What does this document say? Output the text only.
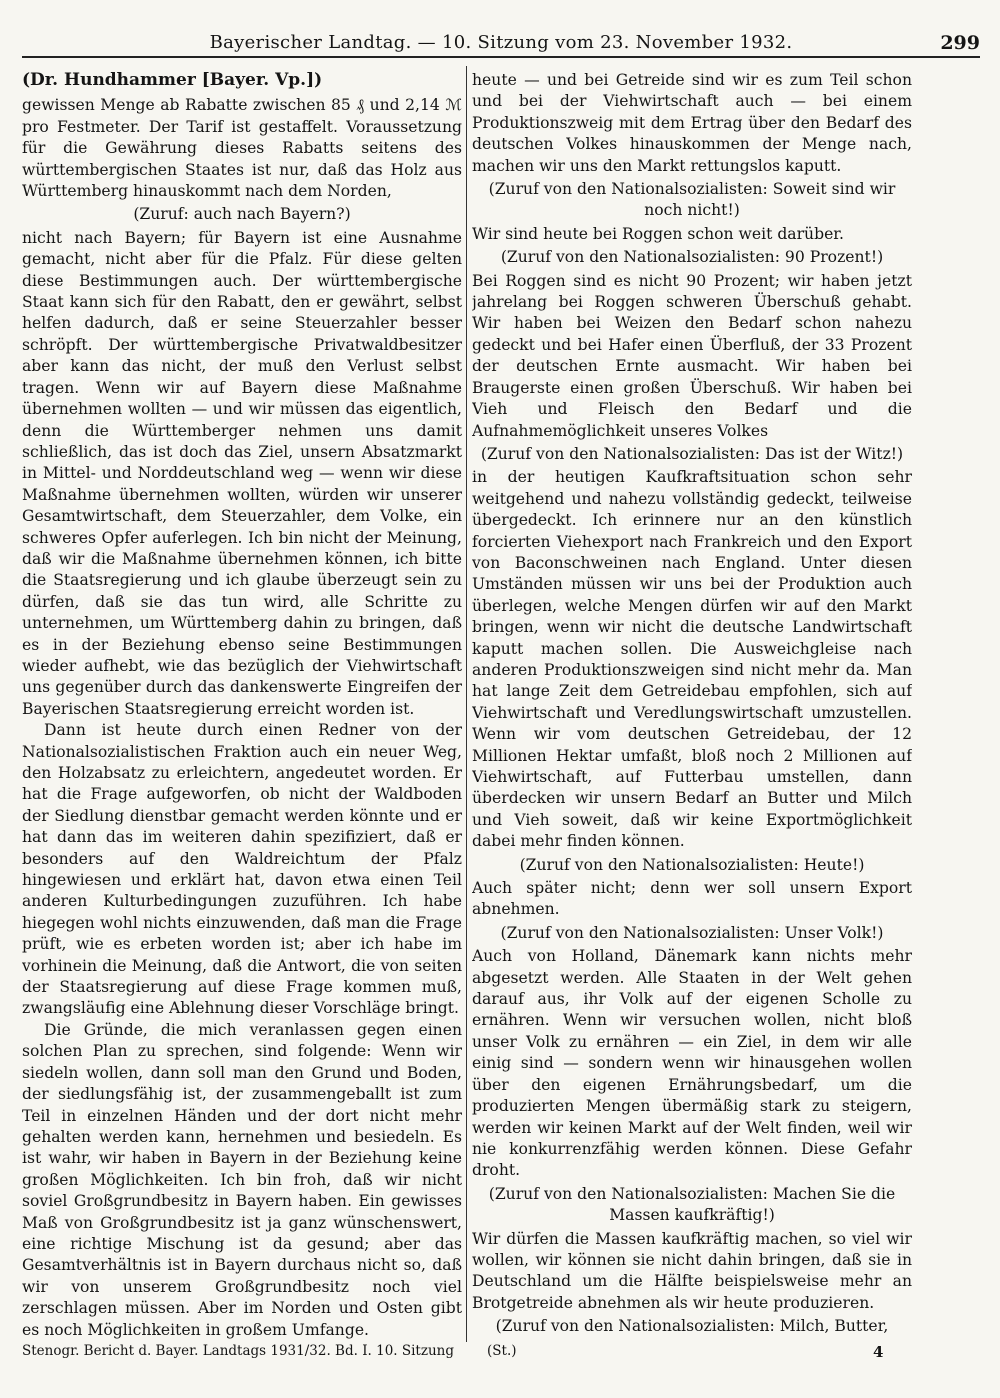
Bayerischer Landtag. — 10. Sitzung vom 23. November 1932.	299

(Dr. Hundhammer [Bayer. Vp.])

gewissen Menge ab Rabatte zwischen 85 ₰ und 2,14 ℳ pro Festmeter. Der Tarif ist gestaffelt. Voraussetzung für die Gewährung dieses Rabatts seitens des württembergischen Staates ist nur, daß das Holz aus Württemberg hinauskommt nach dem Norden,

(Zuruf: auch nach Bayern?)

nicht nach Bayern; für Bayern ist eine Ausnahme gemacht, nicht aber für die Pfalz. Für diese gelten diese Bestimmungen auch. Der württembergische Staat kann sich für den Rabatt, den er gewährt, selbst helfen dadurch, daß er seine Steuerzahler besser schröpft. Der württembergische Privatwaldbesitzer aber kann das nicht, der muß den Verlust selbst tragen. Wenn wir auf Bayern diese Maßnahme übernehmen wollten — und wir müssen das eigentlich, denn die Württemberger nehmen uns damit schließlich, das ist doch das Ziel, unsern Absatzmarkt in Mittel- und Norddeutschland weg — wenn wir diese Maßnahme übernehmen wollten, würden wir unserer Gesamtwirtschaft, dem Steuerzahler, dem Volke, ein schweres Opfer auferlegen. Ich bin nicht der Meinung, daß wir die Maßnahme übernehmen können, ich bitte die Staatsregierung und ich glaube überzeugt sein zu dürfen, daß sie das tun wird, alle Schritte zu unternehmen, um Württemberg dahin zu bringen, daß es in der Beziehung ebenso seine Bestimmungen wieder aufhebt, wie das bezüglich der Viehwirtschaft uns gegenüber durch das dankenswerte Eingreifen der Bayerischen Staatsregierung erreicht worden ist.

Dann ist heute durch einen Redner von der Nationalsozialistischen Fraktion auch ein neuer Weg, den Holzabsatz zu erleichtern, angedeutet worden. Er hat die Frage aufgeworfen, ob nicht der Waldboden der Siedlung dienstbar gemacht werden könnte und er hat dann das im weiteren dahin spezifiziert, daß er besonders auf den Waldreichtum der Pfalz hingewiesen und erklärt hat, davon etwa einen Teil anderen Kulturbedingungen zuzuführen. Ich habe hiegegen wohl nichts einzuwenden, daß man die Frage prüft, wie es erbeten worden ist; aber ich habe im vorhinein die Meinung, daß die Antwort, die von seiten der Staatsregierung auf diese Frage kommen muß, zwangsläufig eine Ablehnung dieser Vorschläge bringt.

Die Gründe, die mich veranlassen gegen einen solchen Plan zu sprechen, sind folgende: Wenn wir siedeln wollen, dann soll man den Grund und Boden, der siedlungsfähig ist, der zusammengeballt ist zum Teil in einzelnen Händen und der dort nicht mehr gehalten werden kann, hernehmen und besiedeln. Es ist wahr, wir haben in Bayern in der Beziehung keine großen Möglichkeiten. Ich bin froh, daß wir nicht soviel Großgrundbesitz in Bayern haben. Ein gewisses Maß von Großgrundbesitz ist ja ganz wünschenswert, eine richtige Mischung ist da gesund; aber das Gesamtverhältnis ist in Bayern durchaus nicht so, daß wir von unserem Großgrundbesitz noch viel zerschlagen müssen. Aber im Norden und Osten gibt es noch Möglichkeiten in großem Umfange.

heute — und bei Getreide sind wir es zum Teil schon und bei der Viehwirtschaft auch — bei einem Produktionszweig mit dem Ertrag über den Bedarf des deutschen Volkes hinauskommen der Menge nach, machen wir uns den Markt rettungslos kaputt.

(Zuruf von den Nationalsozialisten: Soweit sind wir noch nicht!)

Wir sind heute bei Roggen schon weit darüber.

(Zuruf von den Nationalsozialisten: 90 Prozent!)

Bei Roggen sind es nicht 90 Prozent; wir haben jetzt jahrelang bei Roggen schweren Überschuß gehabt. Wir haben bei Weizen den Bedarf schon nahezu gedeckt und bei Hafer einen Überfluß, der 33 Prozent der deutschen Ernte ausmacht. Wir haben bei Braugerste einen großen Überschuß. Wir haben bei Vieh und Fleisch den Bedarf und die Aufnahmemöglichkeit unseres Volkes

(Zuruf von den Nationalsozialisten: Das ist der Witz!)

in der heutigen Kaufkraftsituation schon sehr weitgehend und nahezu vollständig gedeckt, teilweise übergedeckt. Ich erinnere nur an den künstlich forcierten Viehexport nach Frankreich und den Export von Baconschweinen nach England. Unter diesen Umständen müssen wir uns bei der Produktion auch überlegen, welche Mengen dürfen wir auf den Markt bringen, wenn wir nicht die deutsche Landwirtschaft kaputt machen sollen. Die Ausweichgleise nach anderen Produktionszweigen sind nicht mehr da. Man hat lange Zeit dem Getreidebau empfohlen, sich auf Viehwirtschaft und Veredlungswirtschaft umzustellen. Wenn wir vom deutschen Getreidebau, der 12 Millionen Hektar umfaßt, bloß noch 2 Millionen auf Viehwirtschaft, auf Futterbau umstellen, dann überdecken wir unsern Bedarf an Butter und Milch und Vieh soweit, daß wir keine Exportmöglichkeit dabei mehr finden können.

(Zuruf von den Nationalsozialisten: Heute!)

Auch später nicht; denn wer soll unsern Export abnehmen.

(Zuruf von den Nationalsozialisten: Unser Volk!)

Auch von Holland, Dänemark kann nichts mehr abgesetzt werden. Alle Staaten in der Welt gehen darauf aus, ihr Volk auf der eigenen Scholle zu ernähren. Wenn wir versuchen wollen, nicht bloß unser Volk zu ernähren — ein Ziel, in dem wir alle einig sind — sondern wenn wir hinausgehen wollen über den eigenen Ernährungsbedarf, um die produzierten Mengen übermäßig stark zu steigern, werden wir keinen Markt auf der Welt finden, weil wir nie konkurrenzfähig werden können. Diese Gefahr droht.

(Zuruf von den Nationalsozialisten: Machen Sie die Massen kaufkräftig!)

Wir dürfen die Massen kaufkräftig machen, so viel wir wollen, wir können sie nicht dahin bringen, daß sie in Deutschland um die Hälfte beispielsweise mehr an Brotgetreide abnehmen als wir heute produzieren.

(Zuruf von den Nationalsozialisten: Milch, Butter,

Stenogr. Bericht d. Bayer. Landtags 1931/32. Bd. I. 10. Sitzung (St.)	4
